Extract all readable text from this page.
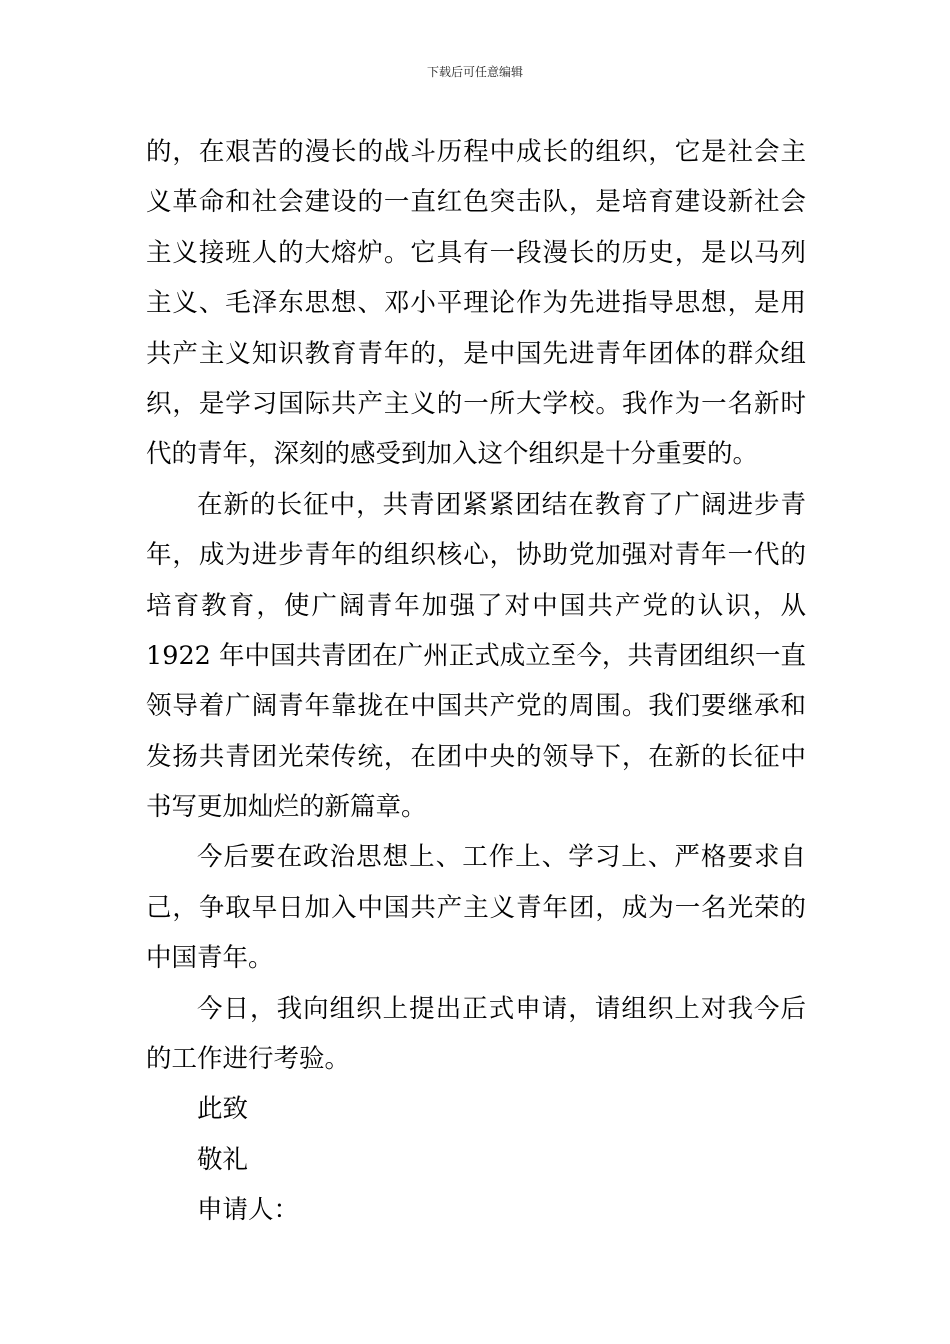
下载后可任意编辑
的，在艰苦的漫长的战斗历程中成长的组织，它是社会主
义革命和社会建设的一直红色突击队，是培育建设新社会
主义接班人的大熔炉。它具有一段漫长的历史，是以马列
主义、毛泽东思想、邓小平理论作为先进指导思想，是用
共产主义知识教育青年的，是中国先进青年团体的群众组
织，是学习国际共产主义的一所大学校。我作为一名新时
代的青年，深刻的感受到加入这个组织是十分重要的。
在新的长征中，共青团紧紧团结在教育了广阔进步青
年，成为进步青年的组织核心，协助党加强对青年一代的
培育教育，使广阔青年加强了对中国共产党的认识，从
1922 年中国共青团在广州正式成立至今，共青团组织一直
领导着广阔青年靠拢在中国共产党的周围。我们要继承和
发扬共青团光荣传统，在团中央的领导下，在新的长征中
书写更加灿烂的新篇章。
今后要在政治思想上、工作上、学习上、严格要求自
己，争取早日加入中国共产主义青年团，成为一名光荣的
中国青年。
今日，我向组织上提出正式申请，请组织上对我今后
的工作进行考验。
此致
敬礼
申请人：
